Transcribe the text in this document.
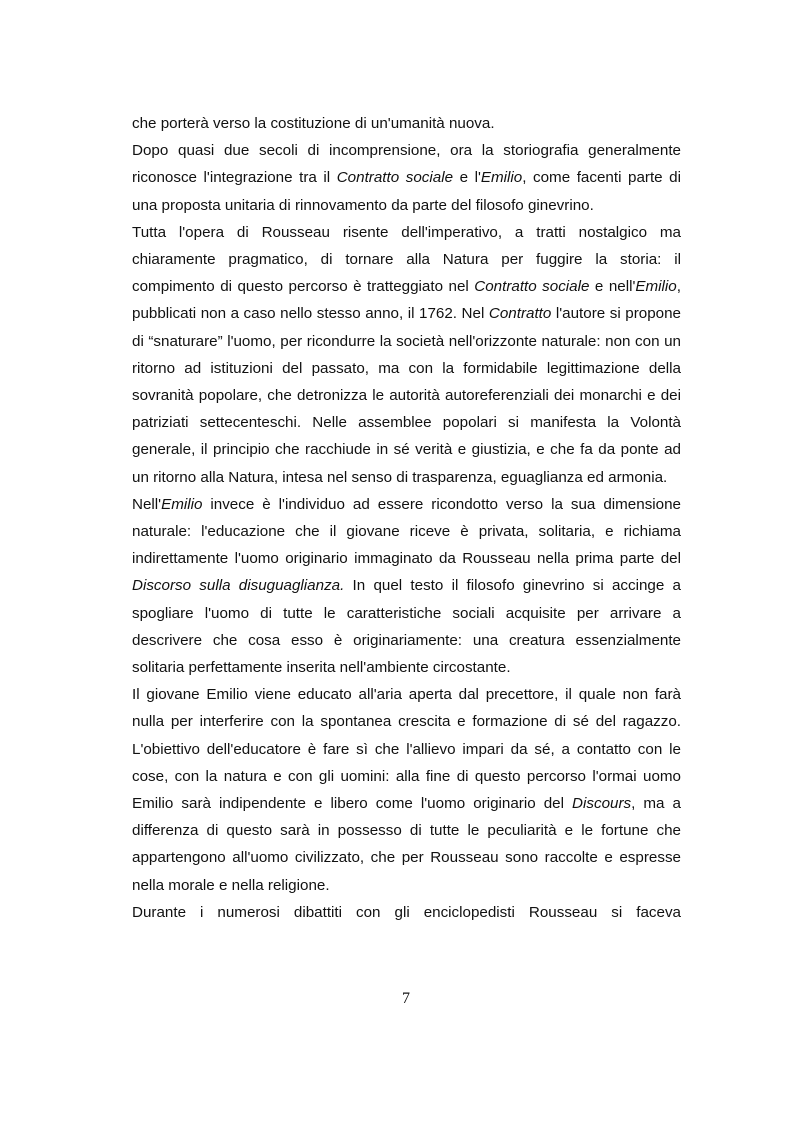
che porterà verso la costituzione di un'umanità nuova.

Dopo quasi due secoli di incomprensione, ora la storiografia generalmente riconosce l'integrazione tra il Contratto sociale e l'Emilio, come facenti parte di una proposta unitaria di rinnovamento da parte del filosofo ginevrino.

Tutta l'opera di Rousseau risente dell'imperativo, a tratti nostalgico ma chiaramente pragmatico, di tornare alla Natura per fuggire la storia: il compimento di questo percorso è tratteggiato nel Contratto sociale e nell'Emilio, pubblicati non a caso nello stesso anno, il 1762. Nel Contratto l'autore si propone di “snaturare” l'uomo, per ricondurre la società nell'orizzonte naturale: non con un ritorno ad istituzioni del passato, ma con la formidabile legittimazione della sovranità popolare, che detronizza le autorità autoreferenziali dei monarchi e dei patriziati settecenteschi. Nelle assemblee popolari si manifesta la Volontà generale, il principio che racchiude in sé verità e giustizia, e che fa da ponte ad un ritorno alla Natura, intesa nel senso di trasparenza, eguaglianza ed armonia.

Nell'Emilio invece è l'individuo ad essere ricondotto verso la sua dimensione naturale: l'educazione che il giovane riceve è privata, solitaria, e richiama indirettamente l'uomo originario immaginato da Rousseau nella prima parte del Discorso sulla disuguaglianza. In quel testo il filosofo ginevrino si accinge a spogliare l'uomo di tutte le caratteristiche sociali acquisite per arrivare a descrivere che cosa esso è originariamente: una creatura essenzialmente solitaria perfettamente inserita nell'ambiente circostante.

Il giovane Emilio viene educato all'aria aperta dal precettore, il quale non farà nulla per interferire con la spontanea crescita e formazione di sé del ragazzo. L'obiettivo dell'educatore è fare sì che l'allievo impari da sé, a contatto con le cose, con la natura e con gli uomini: alla fine di questo percorso l'ormai uomo Emilio sarà indipendente e libero come l'uomo originario del Discours, ma a differenza di questo sarà in possesso di tutte le peculiarità e le fortune che appartengono all'uomo civilizzato, che per Rousseau sono raccolte e espresse nella morale e nella religione.

Durante i numerosi dibattiti con gli enciclopedisti Rousseau si faceva

7
